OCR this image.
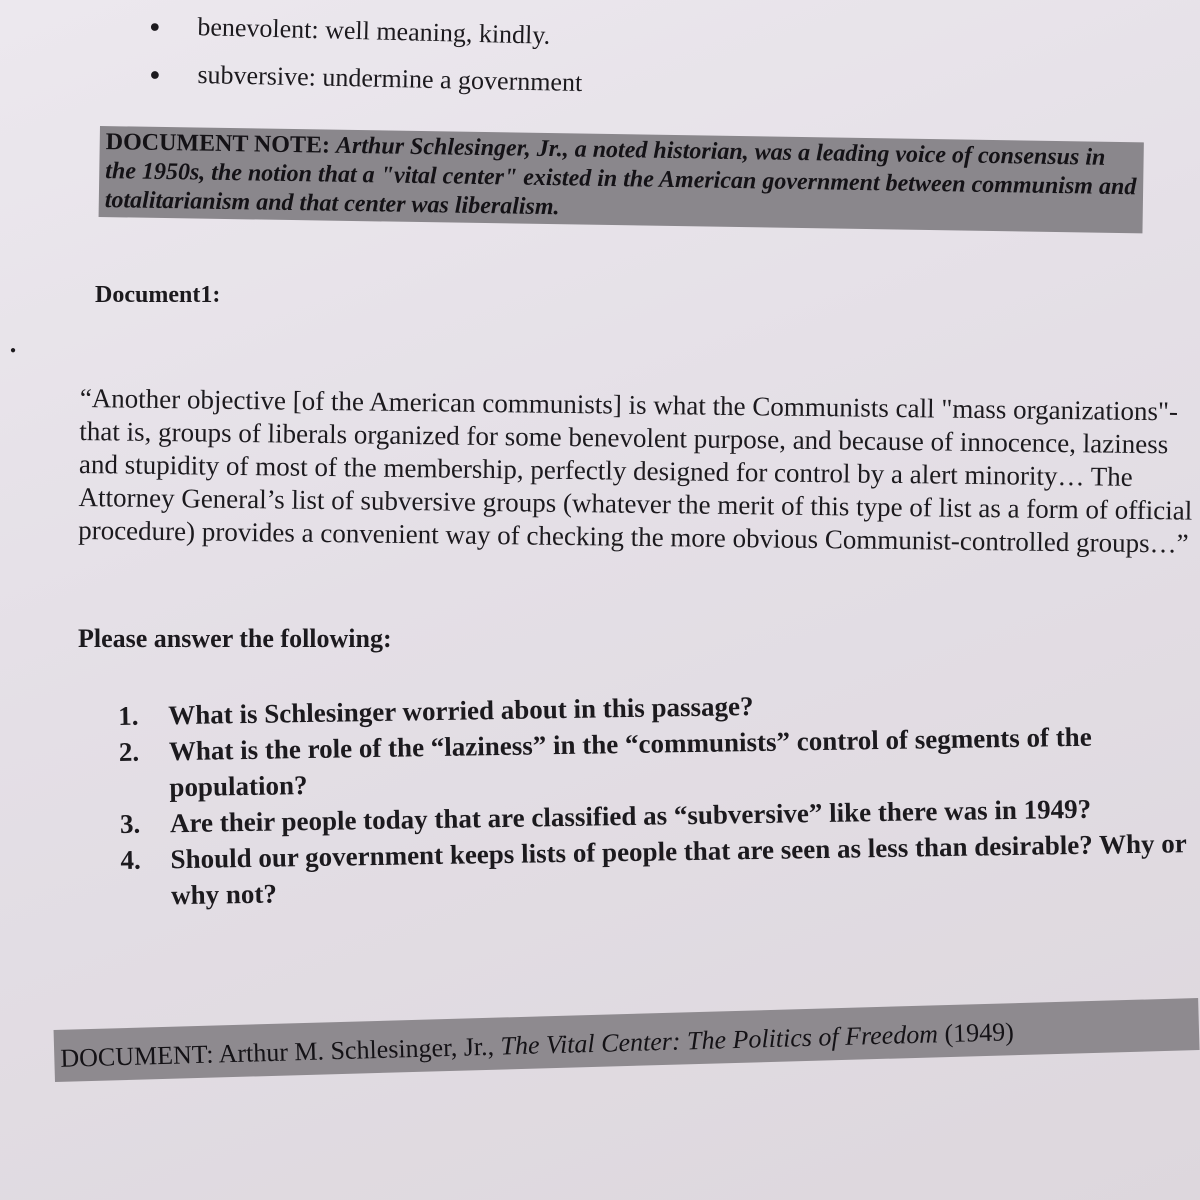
● benevolent: well meaning, kindly.
● subversive: undermine a government
DOCUMENT NOTE: Arthur Schlesinger, Jr., a noted historian, was a leading voice of consensus in the 1950s, the notion that a "vital center" existed in the American government between communism and totalitarianism and that center was liberalism.
Document1:
●

“Another objective [of the American communists] is what the Communists call "mass organizations"- that is, groups of liberals organized for some benevolent purpose, and because of innocence, laziness and stupidity of most of the membership, perfectly designed for control by a alert minority… The Attorney General’s list of subversive groups (whatever the merit of this type of list as a form of official procedure) provides a convenient way of checking the more obvious Communist-controlled groups…”

Please answer the following:
1.	What is Schlesinger worried about in this passage?
2.	What is the role of the “laziness” in the “communists” control of segments of the population?
3.	Are their people today that are classified as “subversive” like there was in 1949?
4.	Should our government keeps lists of people that are seen as less than desirable? Why or why not?
DOCUMENT: Arthur M. Schlesinger, Jr., The Vital Center: The Politics of Freedom (1949)
